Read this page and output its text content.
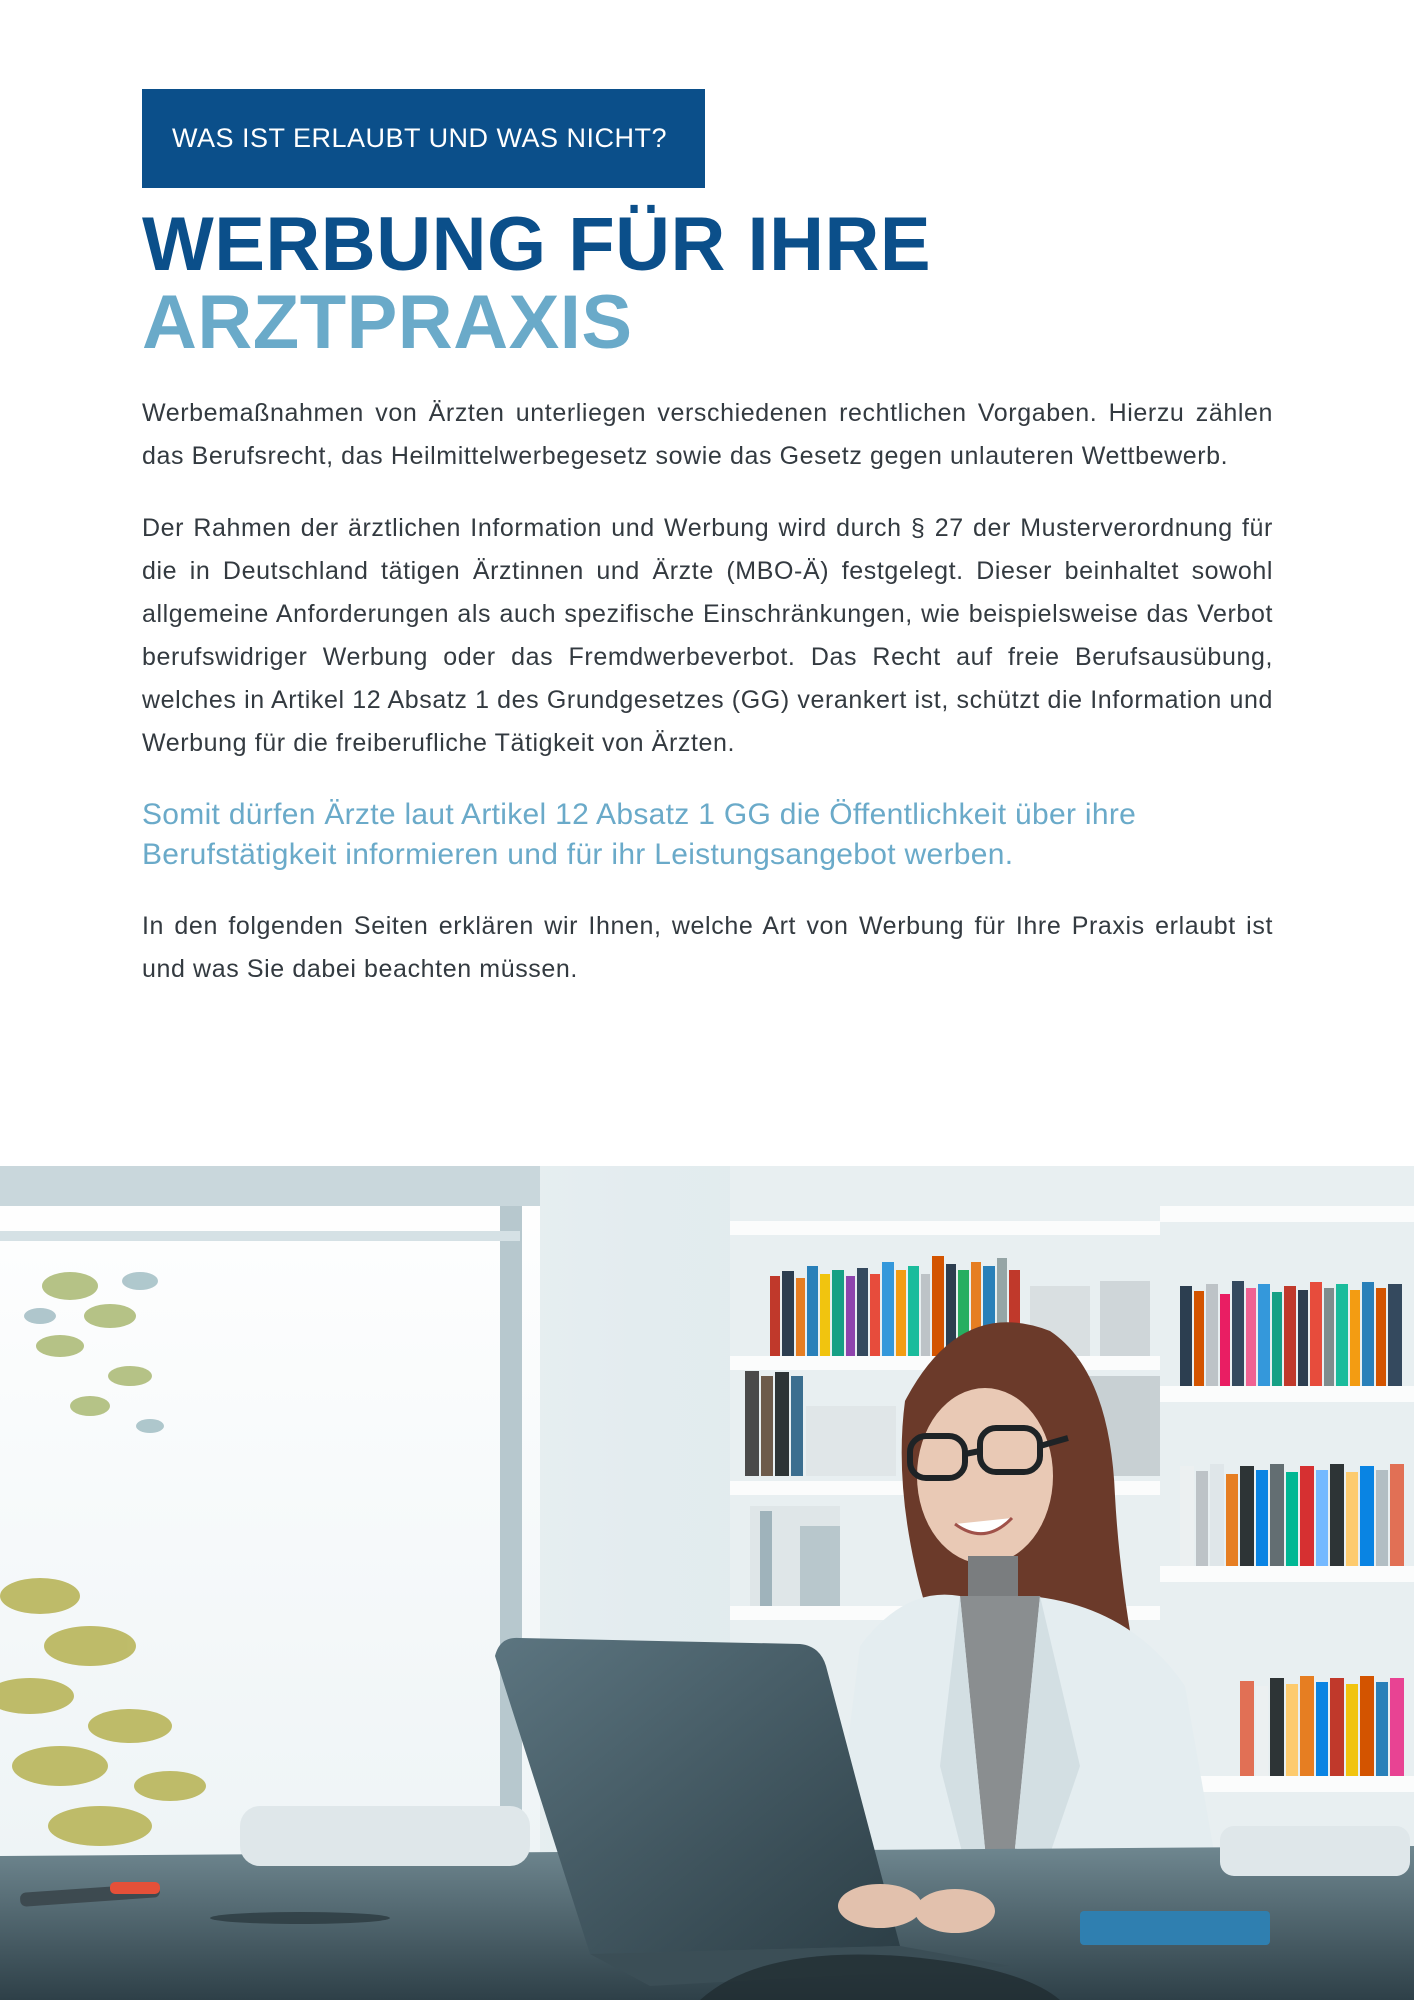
WAS IST ERLAUBT UND WAS NICHT?
WERBUNG FÜR IHRE
ARZTPRAXIS

Werbemaßnahmen von Ärzten unterliegen verschiedenen rechtlichen Vorgaben. Hierzu zählen das Berufsrecht, das Heilmittelwerbegesetz sowie das Gesetz gegen unlauteren Wettbewerb.

Der Rahmen der ärztlichen Information und Werbung wird durch § 27 der Musterverordnung für die in Deutschland tätigen Ärztinnen und Ärzte (MBO-Ä) festgelegt. Dieser beinhaltet sowohl allgemeine Anforderungen als auch spezifische Einschränkungen, wie beispielsweise das Verbot berufswidriger Werbung oder das Fremdwerbeverbot. Das Recht auf freie Berufsausübung, welches in Artikel 12 Absatz 1 des Grundgesetzes (GG) verankert ist, schützt die Information und Werbung für die freiberufliche Tätigkeit von Ärzten.

Somit dürfen Ärzte laut Artikel 12 Absatz 1 GG die Öffentlichkeit über ihre Berufstätigkeit informieren und für ihr Leistungsangebot werben.

In den folgenden Seiten erklären wir Ihnen, welche Art von Werbung für Ihre Praxis erlaubt ist und was Sie dabei beachten müssen.
